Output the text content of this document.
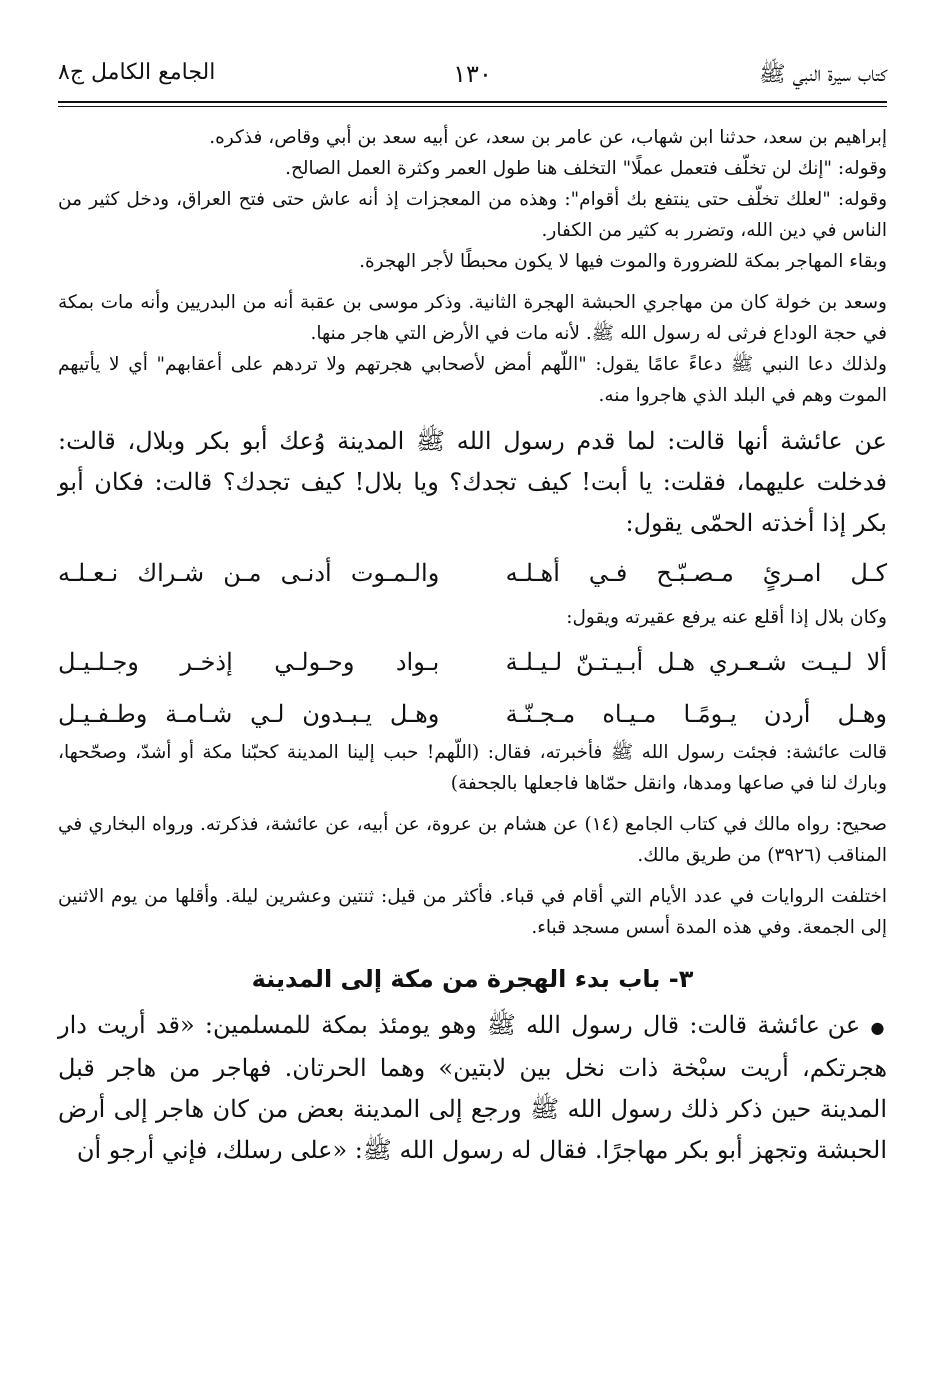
كتاب سيرة النبي ﷺ
١٣٠
الجامع الكامل ج٨

إبراهيم بن سعد، حدثنا ابن شهاب، عن عامر بن سعد، عن أبيه سعد بن أبي وقاص، فذكره.

وقوله: "إنك لن تخلّف فتعمل عملًا" التخلف هنا طول العمر وكثرة العمل الصالح.

وقوله: "لعلك تخلّف حتى ينتفع بك أقوام": وهذه من المعجزات إذ أنه عاش حتى فتح العراق، ودخل كثير من الناس في دين الله، وتضرر به كثير من الكفار.

وبقاء المهاجر بمكة للضرورة والموت فيها لا يكون محبطًا لأجر الهجرة.

وسعد بن خولة كان من مهاجري الحبشة الهجرة الثانية. وذكر موسى بن عقبة أنه من البدريين وأنه مات بمكة في حجة الوداع فرثى له رسول الله ﷺ. لأنه مات في الأرض التي هاجر منها.

ولذلك دعا النبي ﷺ دعاءً عامًا يقول: "اللّهم أمض لأصحابي هجرتهم ولا تردهم على أعقابهم" أي لا يأتيهم الموت وهم في البلد الذي هاجروا منه.

عن عائشة أنها قالت: لما قدم رسول الله ﷺ المدينة وُعك أبو بكر وبلال، قالت: فدخلت عليهما، فقلت: يا أبت! كيف تجدك؟ ويا بلال! كيف تجدك؟ قالت: فكان أبو بكر إذا أخذته الحمّى يقول:

كـل امـرئٍ مـصـبّـح فـي أهـلـه
والـمـوت أدنـى مـن شـراك نـعـلـه

وكان بلال إذا أقلع عنه يرفع عقيرته ويقول:

ألا لـيـت شـعـري هـل أبـيـتـنّ لـيـلـة
بـواد وحـولـي إذخـر وجـلـيـل
وهـل أردن يـومًـا مـيـاه مـجـنّـة
وهـل يـبـدون لـي شـامـة وطـفـيـل

قالت عائشة: فجئت رسول الله ﷺ فأخبرته، فقال: (اللّهم! حبب إلينا المدينة كحبّنا مكة أو أشدّ، وصحّحها، وبارك لنا في صاعها ومدها، وانقل حمّاها فاجعلها بالجحفة)

صحيح: رواه مالك في كتاب الجامع (١٤) عن هشام بن عروة، عن أبيه، عن عائشة، فذكرته. ورواه البخاري في المناقب (٣٩٢٦) من طريق مالك.

اختلفت الروايات في عدد الأيام التي أقام في قباء. فأكثر من قيل: ثنتين وعشرين ليلة. وأقلها من يوم الاثنين إلى الجمعة. وفي هذه المدة أسس مسجد قباء.

٣- باب بدء الهجرة من مكة إلى المدينة

● عن عائشة قالت: قال رسول الله ﷺ وهو يومئذ بمكة للمسلمين: «قد أريت دار هجرتكم، أريت سبْخة ذات نخل بين لابتين» وهما الحرتان. فهاجر من هاجر قبل المدينة حين ذكر ذلك رسول الله ﷺ ورجع إلى المدينة بعض من كان هاجر إلى أرض الحبشة وتجهز أبو بكر مهاجرًا. فقال له رسول الله ﷺ: «على رسلك، فإني أرجو أن
